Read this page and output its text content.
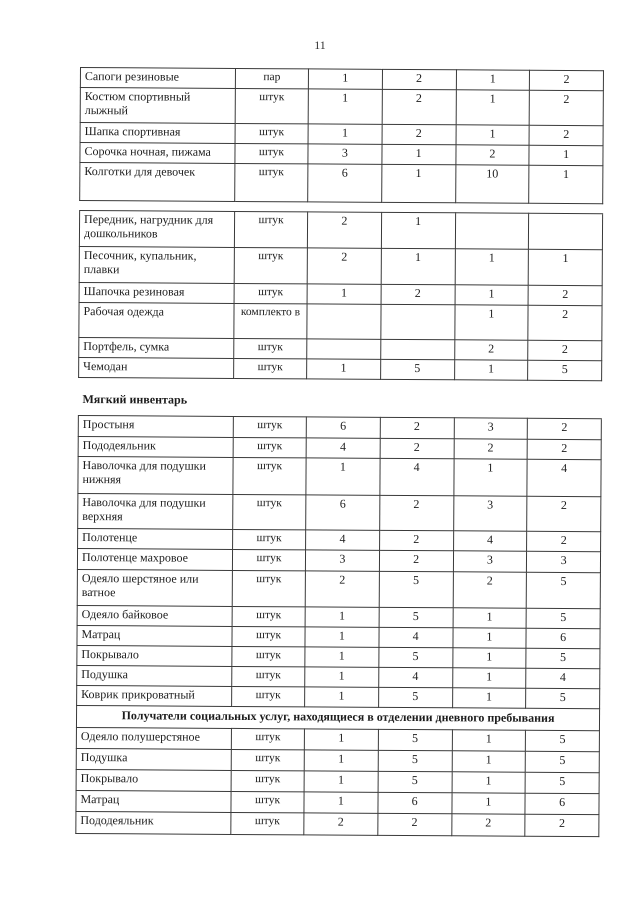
11
Сапоги резиновые	пар	1	2	1	2
Костюм спортивный лыжный	штук	1	2	1	2
Шапка спортивная	штук	1	2	1	2
Сорочка ночная, пижама	штук	3	1	2	1
Колготки для девочек	штук	6	1	10	1

Передник, нагрудник для дошкольников	штук	2	1		
Песочник, купальник, плавки	штук	2	1	1	1
Шапочка резиновая	штук	1	2	1	2
Рабочая одежда	комплекто в			1	2
Портфель, сумка	штук			2	2
Чемодан	штук	1	5	1	5
Мягкий инвентарь					
Простыня	штук	6	2	3	2
Пододеяльник	штук	4	2	2	2
Наволочка для подушки нижняя	штук	1	4	1	4
Наволочка для подушки верхняя	штук	6	2	3	2
Полотенце	штук	4	2	4	2
Полотенце махровое	штук	3	2	3	3
Одеяло шерстяное или ватное	штук	2	5	2	5
Одеяло байковое	штук	1	5	1	5
Матрац	штук	1	4	1	6
Покрывало	штук	1	5	1	5
Подушка	штук	1	4	1	4
Коврик прикроватный	штук	1	5	1	5
Получатели социальных услуг, находящиеся в отделении дневного пребывания					
Одеяло полушерстяное	штук	1	5	1	5
Подушка	штук	1	5	1	5
Покрывало	штук	1	5	1	5
Матрац	штук	1	6	1	6
Пододеяльник	штук	2	2	2	2
